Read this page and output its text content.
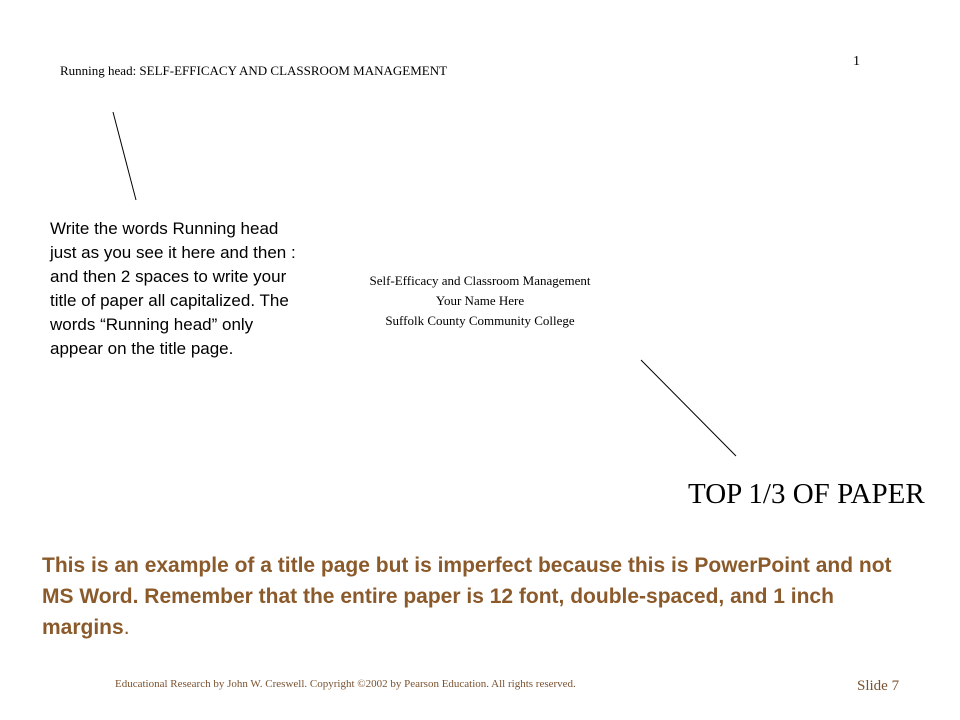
Running head: SELF-EFFICACY AND CLASSROOM MANAGEMENT
1
Write the words Running head just as you see it here and then : and then 2 spaces to write your title of paper all capitalized. The words “Running head” only appear on the title page.
Self-Efficacy and Classroom Management
Your Name Here
Suffolk County Community College
TOP 1/3 OF PAPER
This is an example of a title page but is imperfect because this is PowerPoint and not MS Word. Remember that the entire paper is 12 font, double-spaced, and 1 inch margins.
Educational Research by John W. Creswell. Copyright ©2002 by Pearson Education. All rights reserved.	Slide 7
